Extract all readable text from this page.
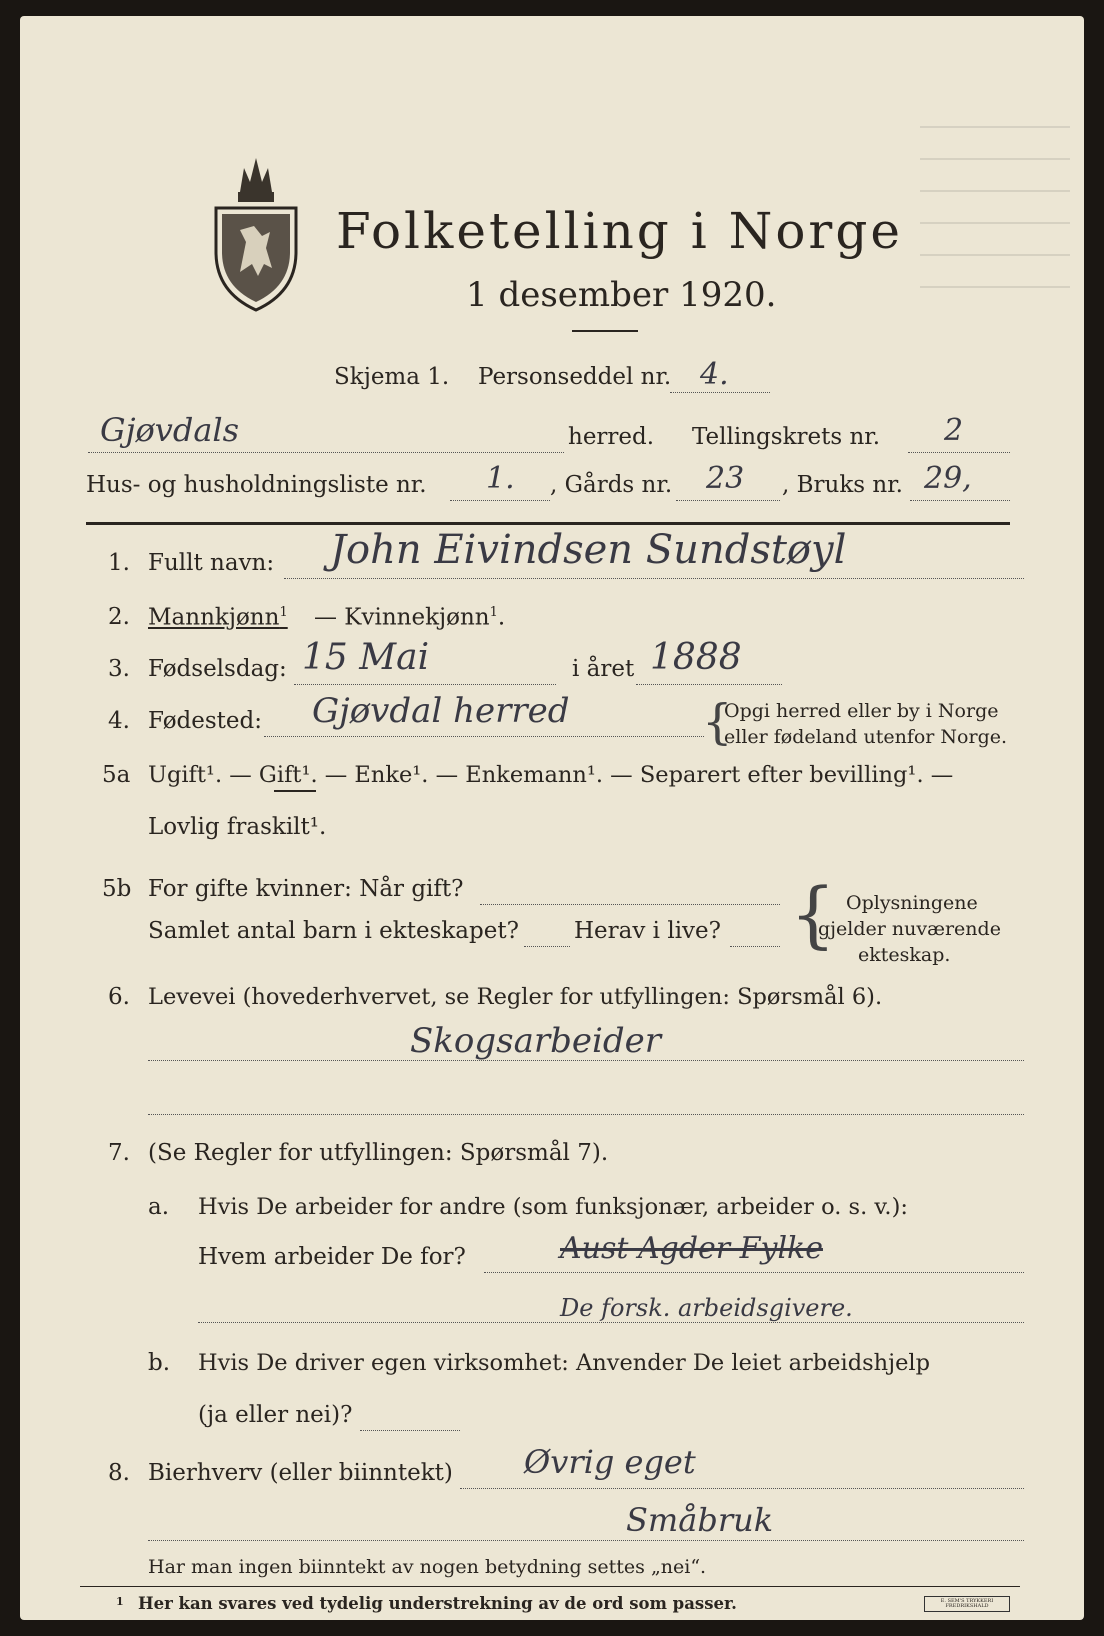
Folketelling i Norge
1 desember 1920.
Skjema 1. Personseddel nr. 4.
Gjøvdals	herred. Tellingskrets nr. 2
Hus- og husholdningsliste nr. 1. , Gårds nr. 23 , Bruks nr. 29,
1. Fullt navn: John Eivindsen Sundstøyl
2. Mannkjønn$^1$ — Kvinnekjønn$^1$.
3. Fødselsdag: 15 Mai	i året 1888
4. Fødested: Gjøvdal herred	{
Opgi herred eller by i Norge
eller fødeland utenfor Norge.
5a Ugift¹. — Gift¹. — Enke¹. — Enkemann¹. — Separert efter bevilling¹. —
Lovlig fraskilt¹.
5b For gifte kvinner: Når gift?
Samlet antal barn i ekteskapet? Herav i live? { Oplysningene
gjelder nuværende
ekteskap.
6. Levevei (hovederhvervet, se Regler for utfyllingen: Spørsmål 6).
Skogsarbeider
7. (Se Regler for utfyllingen: Spørsmål 7).
a. Hvis De arbeider for andre (som funksjonær, arbeider o. s. v.):
Hvem arbeider De for?	Aust Agder Fylke
De forsk. arbeidsgivere.
b. Hvis De driver egen virksomhet: Anvender De leiet arbeidshjelp
(ja eller nei)?
8. Bierhverv (eller biinntekt) Øvrig eget
Småbruk
Har man ingen biinntekt av nogen betydning settes „nei“.
1 Her kan svares ved tydelig understrekning av de ord som passer.	E. SEM'S TRYKKERI FREDRIKSHALD
